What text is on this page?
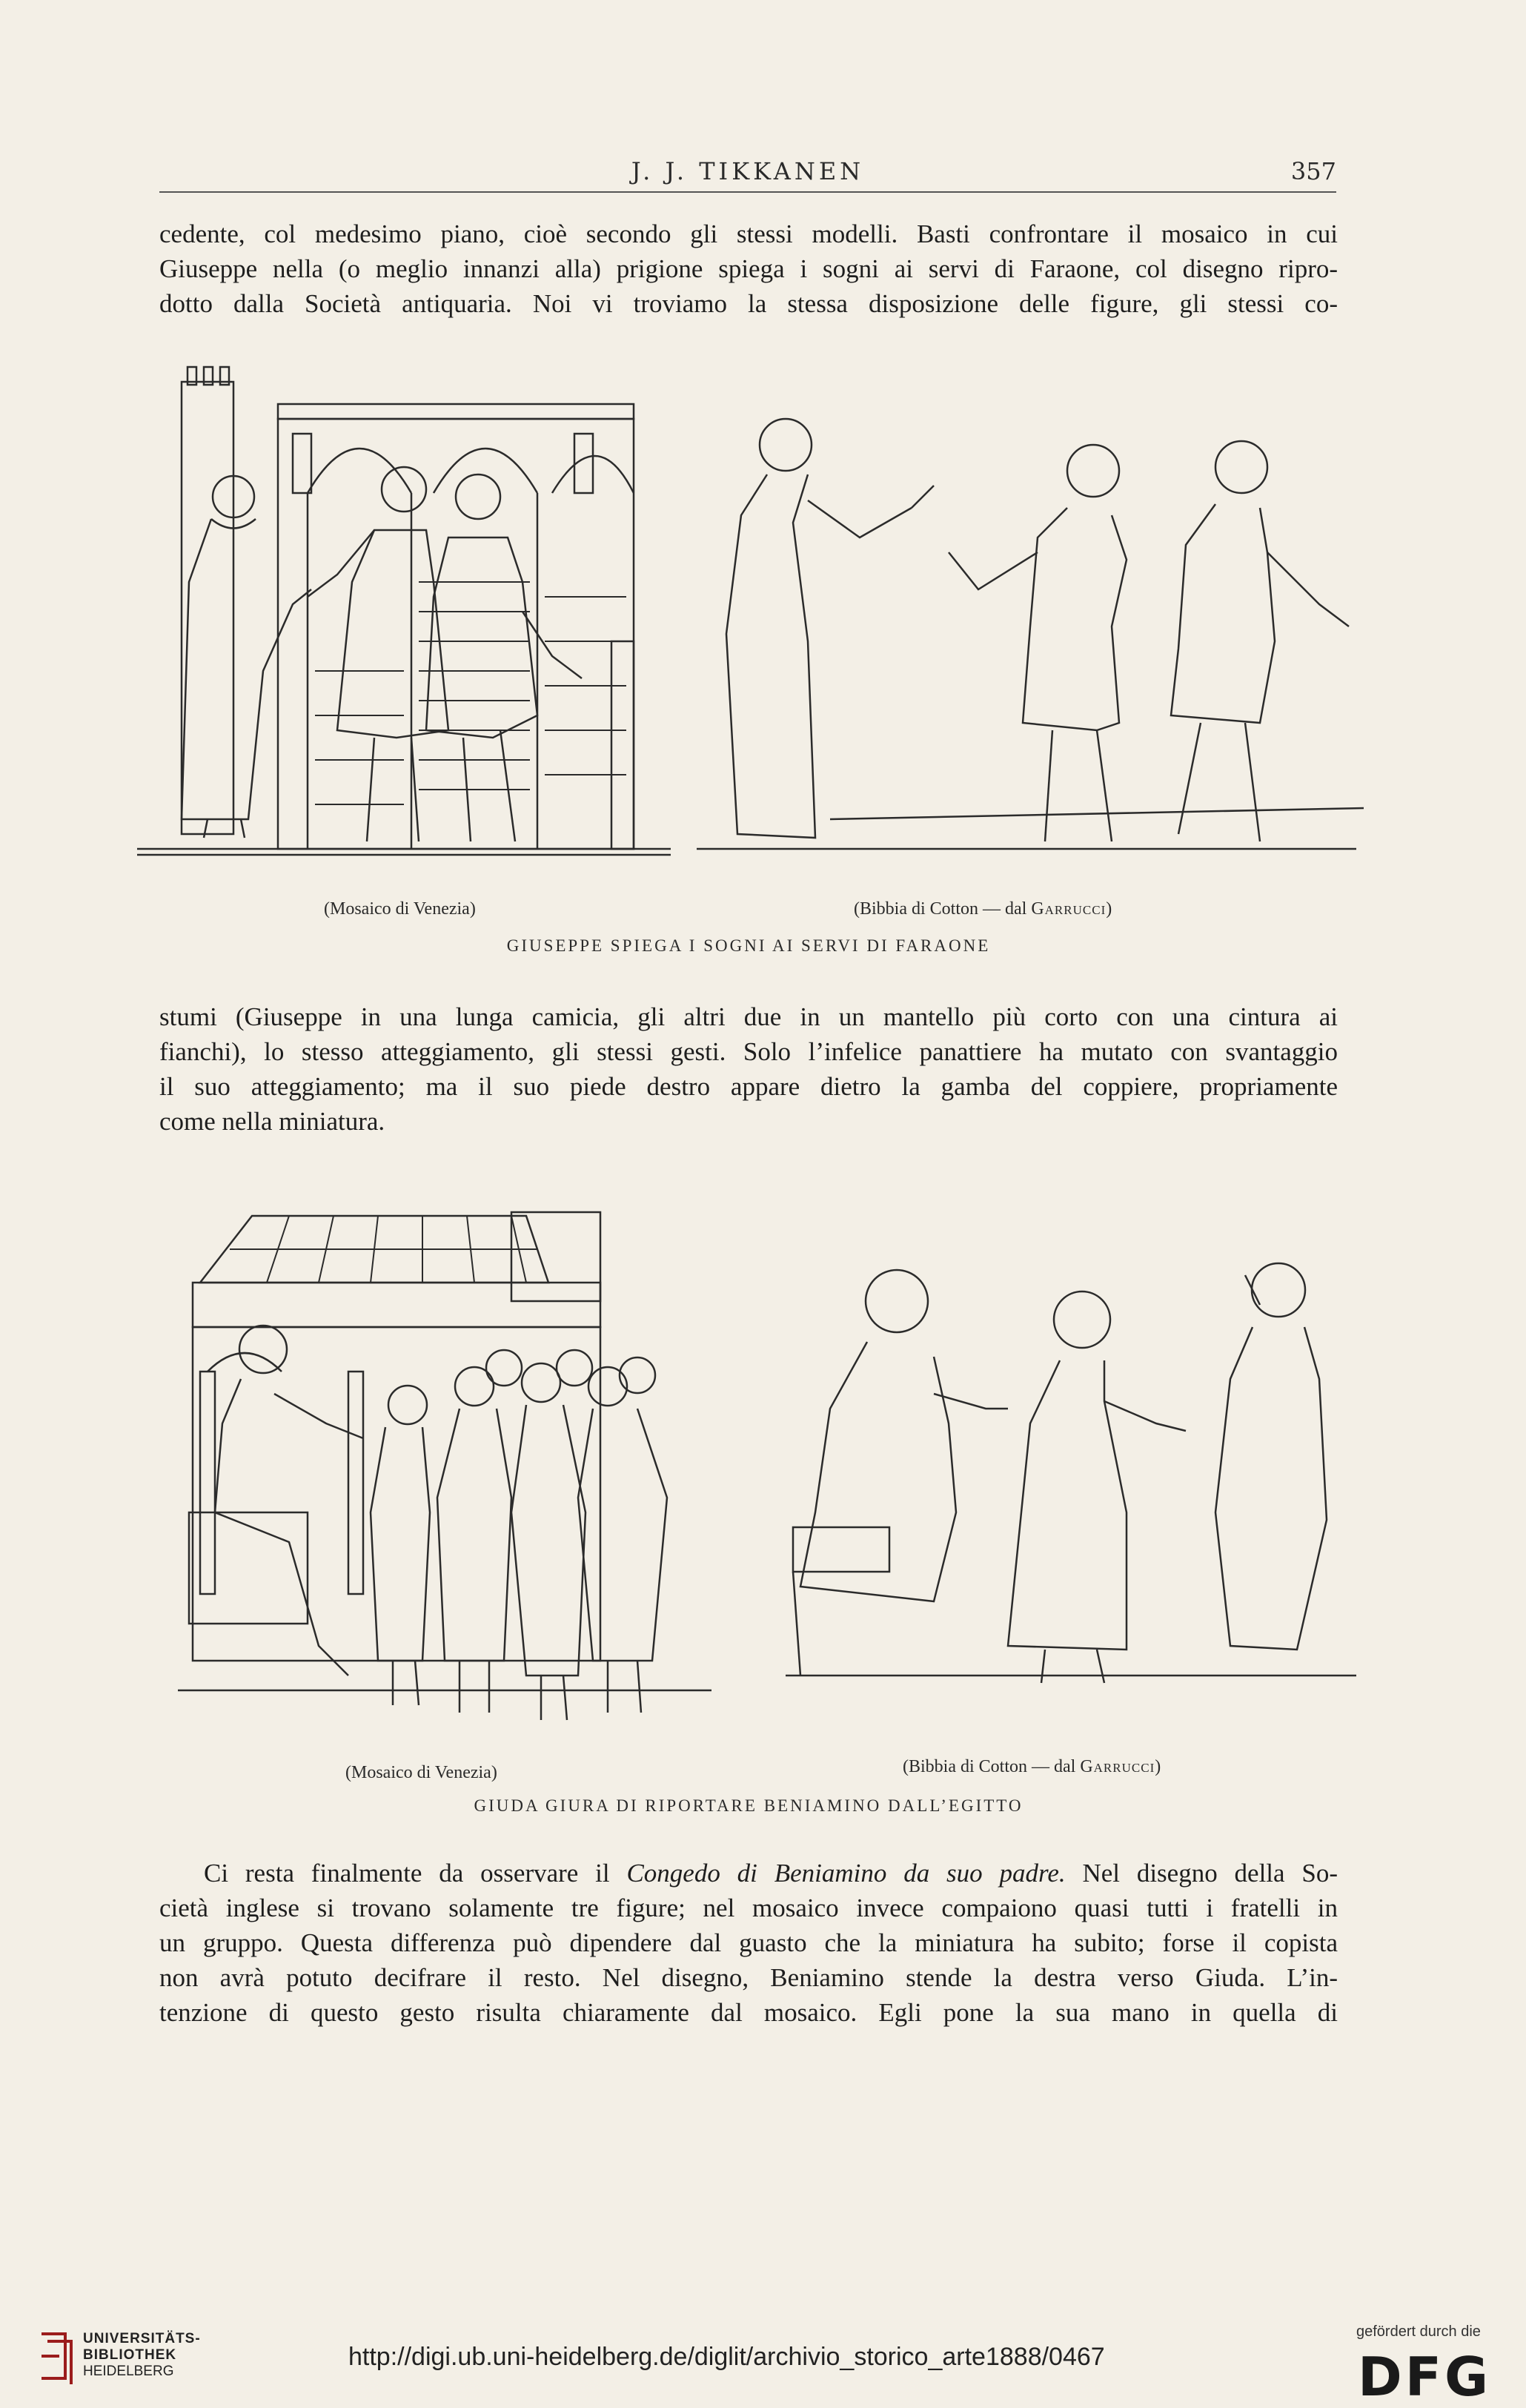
J. J. TIKKANEN	357
cedente, col medesimo piano, cioè secondo gli stessi modelli. Basti confrontare il mosaico in cui
Giuseppe nella (o meglio innanzi alla) prigione spiega i sogni ai servi di Faraone, col disegno ripro-
dotto dalla Società antiquaria. Noi vi troviamo la stessa disposizione delle figure, gli stessi co-
(Mosaico di Venezia)	(Bibbia di Cotton — dal Garrucci)
GIUSEPPE SPIEGA I SOGNI AI SERVI DI FARAONE
stumi (Giuseppe in una lunga camicia, gli altri due in un mantello più corto con una cintura ai
fianchi), lo stesso atteggiamento, gli stessi gesti. Solo l’infelice panattiere ha mutato con svantaggio
il suo atteggiamento; ma il suo piede destro appare dietro la gamba del coppiere, propriamente
come nella miniatura.
(Mosaico di Venezia)	(Bibbia di Cotton — dal Garrucci)
GIUDA GIURA DI RIPORTARE BENIAMINO DALL’EGITTO
Ci resta finalmente da osservare il Congedo di Beniamino da suo padre. Nel disegno della So-
cietà inglese si trovano solamente tre figure; nel mosaico invece compaiono quasi tutti i fratelli in
un gruppo. Questa differenza può dipendere dal guasto che la miniatura ha subito; forse il copista
non avrà potuto decifrare il resto. Nel disegno, Beniamino stende la destra verso Giuda. L’in-
tenzione di questo gesto risulta chiaramente dal mosaico. Egli pone la sua mano in quella di
UNIVERSITÄTS-
BIBLIOTHEK
HEIDELBERG
http://digi.ub.uni-heidelberg.de/diglit/archivio_storico_arte1888/0467
gefördert durch die
DFG
